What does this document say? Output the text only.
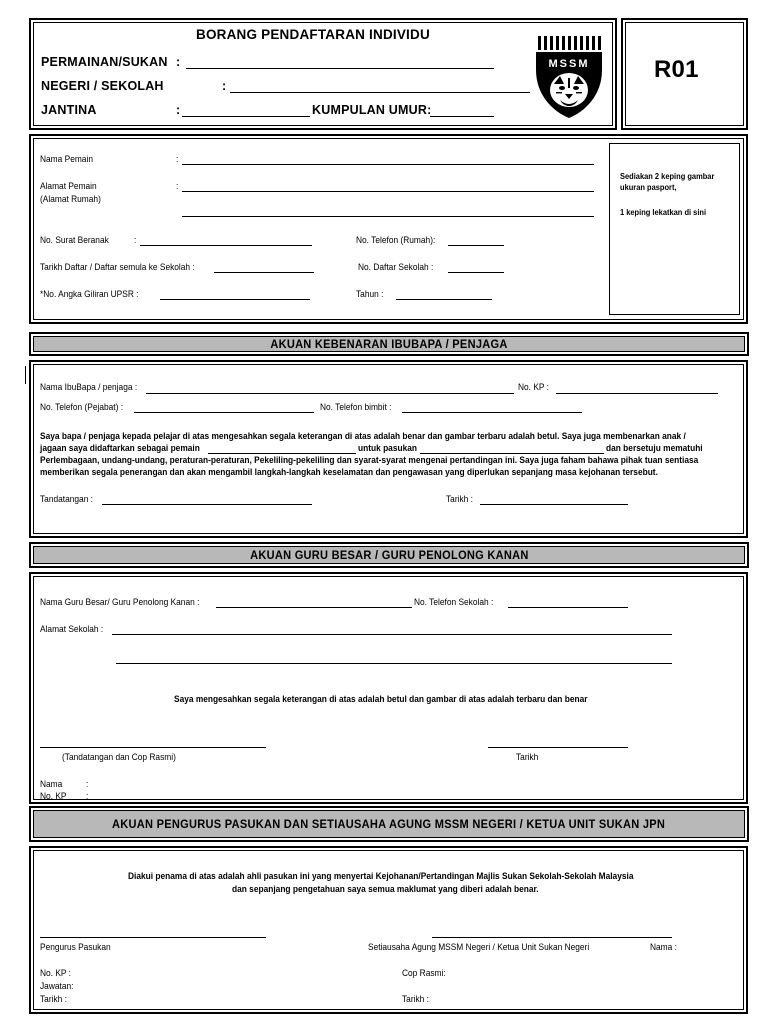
BORANG PENDAFTARAN INDIVIDU
PERMAINAN/SUKAN :
NEGERI / SEKOLAH	:
JANTINA	:	KUMPULAN UMUR:
MSSM	R01
Sediakan 2 keping gambar
ukuran pasport,
1 keping lekatkan di sini
Nama Pemain	:
Alamat Pemain
(Alamat Rumah)
:
No. Surat Beranak	:	No. Telefon (Rumah):
Tarikh Daftar / Daftar semula ke Sekolah :	No. Daftar Sekolah :
*No. Angka Giliran UPSR :	Tahun :
AKUAN KEBENARAN IBUBAPA / PENJAGA
Nama IbuBapa / penjaga :	No. KP :
No. Telefon (Pejabat) :	No. Telefon bimbit :
Saya bapa / penjaga kepada pelajar di atas mengesahkan segala keterangan di atas adalah benar dan gambar terbaru adalah betul. Saya juga membenarkan anak /
jagaan saya didaftarkan sebagai pemain	untuk pasukan	dan bersetuju mematuhi
Perlembagaan, undang-undang, peraturan-peraturan, Pekeliling-pekeliling dan syarat-syarat mengenai pertandingan ini. Saya juga faham bahawa pihak tuan sentiasa
memberikan segala penerangan dan akan mengambil langkah-langkah keselamatan dan pengawasan yang diperlukan sepanjang masa kejohanan tersebut.
Tandatangan :	Tarikh :
AKUAN GURU BESAR / GURU PENOLONG KANAN
Nama Guru Besar/ Guru Penolong Kanan :	No. Telefon Sekolah :
Alamat Sekolah :
Saya mengesahkan segala keterangan di atas adalah betul dan gambar di atas adalah terbaru dan benar
(Tandatangan dan Cop Rasmi)	Tarikh
Nama :
No. KP :
AKUAN PENGURUS PASUKAN DAN SETIAUSAHA AGUNG MSSM NEGERI / KETUA UNIT SUKAN JPN
Diakui penama di atas adalah ahli pasukan ini yang menyertai Kejohanan/Pertandingan Majlis Sukan Sekolah-Sekolah Malaysia
dan sepanjang pengetahuan saya semua maklumat yang diberi adalah benar.
Pengurus Pasukan	Setiausaha Agung MSSM Negeri / Ketua Unit Sukan Negeri	Nama :
No. KP :	Cop Rasmi:
Jawatan:
Tarikh :	Tarikh :
